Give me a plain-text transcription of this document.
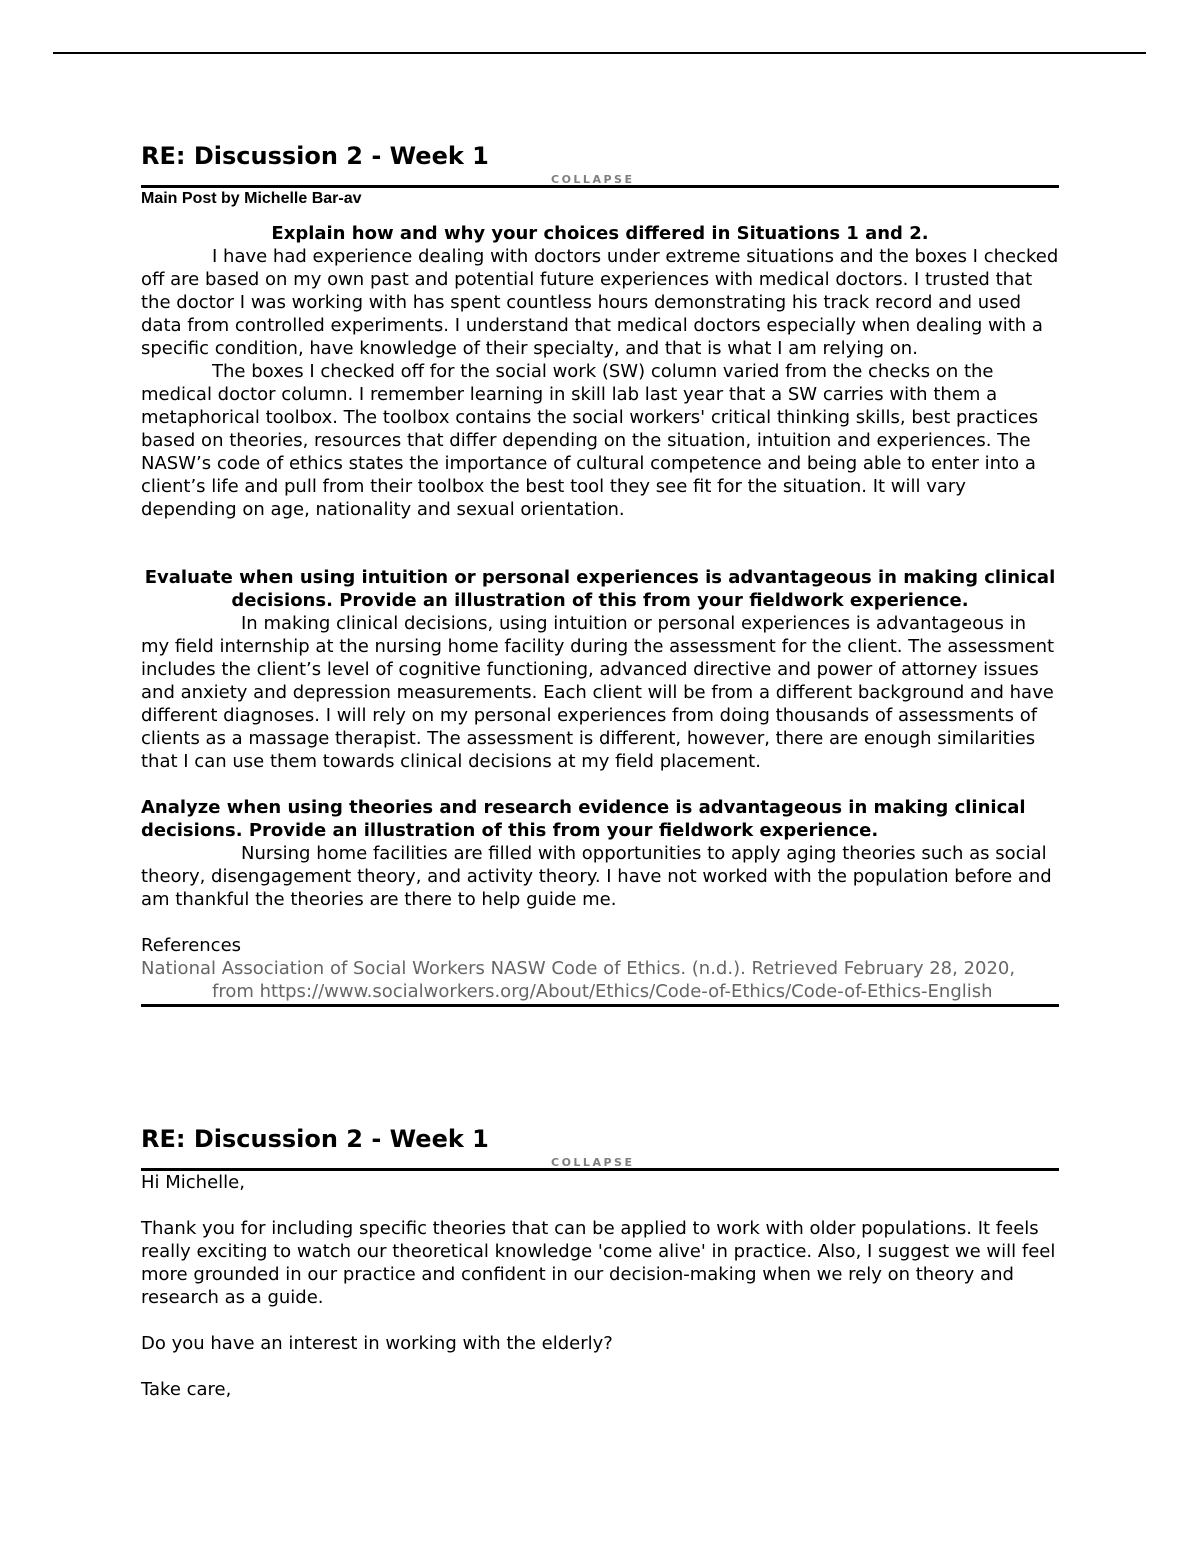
RE: Discussion 2 - Week 1
COLLAPSE
Main Post by Michelle Bar-av
Explain how and why your choices differed in Situations 1 and 2.
I have had experience dealing with doctors under extreme situations and the boxes I checked off are based on my own past and potential future experiences with medical doctors. I trusted that the doctor I was working with has spent countless hours demonstrating his track record and used data from controlled experiments. I understand that medical doctors especially when dealing with a specific condition, have knowledge of their specialty, and that is what I am relying on.
The boxes I checked off for the social work (SW) column varied from the checks on the medical doctor column. I remember learning in skill lab last year that a SW carries with them a metaphorical toolbox. The toolbox contains the social workers' critical thinking skills, best practices based on theories, resources that differ depending on the situation, intuition and experiences. The NASW’s code of ethics states the importance of cultural competence and being able to enter into a client’s life and pull from their toolbox the best tool they see fit for the situation. It will vary depending on age, nationality and sexual orientation.
Evaluate when using intuition or personal experiences is advantageous in making clinical decisions. Provide an illustration of this from your fieldwork experience.
In making clinical decisions, using intuition or personal experiences is advantageous in my field internship at the nursing home facility during the assessment for the client. The assessment includes the client’s level of cognitive functioning, advanced directive and power of attorney issues and anxiety and depression measurements. Each client will be from a different background and have different diagnoses. I will rely on my personal experiences from doing thousands of assessments of clients as a massage therapist. The assessment is different, however, there are enough similarities that I can use them towards clinical decisions at my field placement.
Analyze when using theories and research evidence is advantageous in making clinical decisions. Provide an illustration of this from your fieldwork experience.
Nursing home facilities are filled with opportunities to apply aging theories such as social theory, disengagement theory, and activity theory. I have not worked with the population before and am thankful the theories are there to help guide me.
References
National Association of Social Workers NASW Code of Ethics. (n.d.). Retrieved February 28, 2020, from https://www.socialworkers.org/About/Ethics/Code-of-Ethics/Code-of-Ethics-English
RE: Discussion 2 - Week 1
COLLAPSE
Hi Michelle,
Thank you for including specific theories that can be applied to work with older populations. It feels really exciting to watch our theoretical knowledge 'come alive' in practice. Also, I suggest we will feel more grounded in our practice and confident in our decision-making when we rely on theory and research as a guide.
Do you have an interest in working with the elderly?
Take care,
